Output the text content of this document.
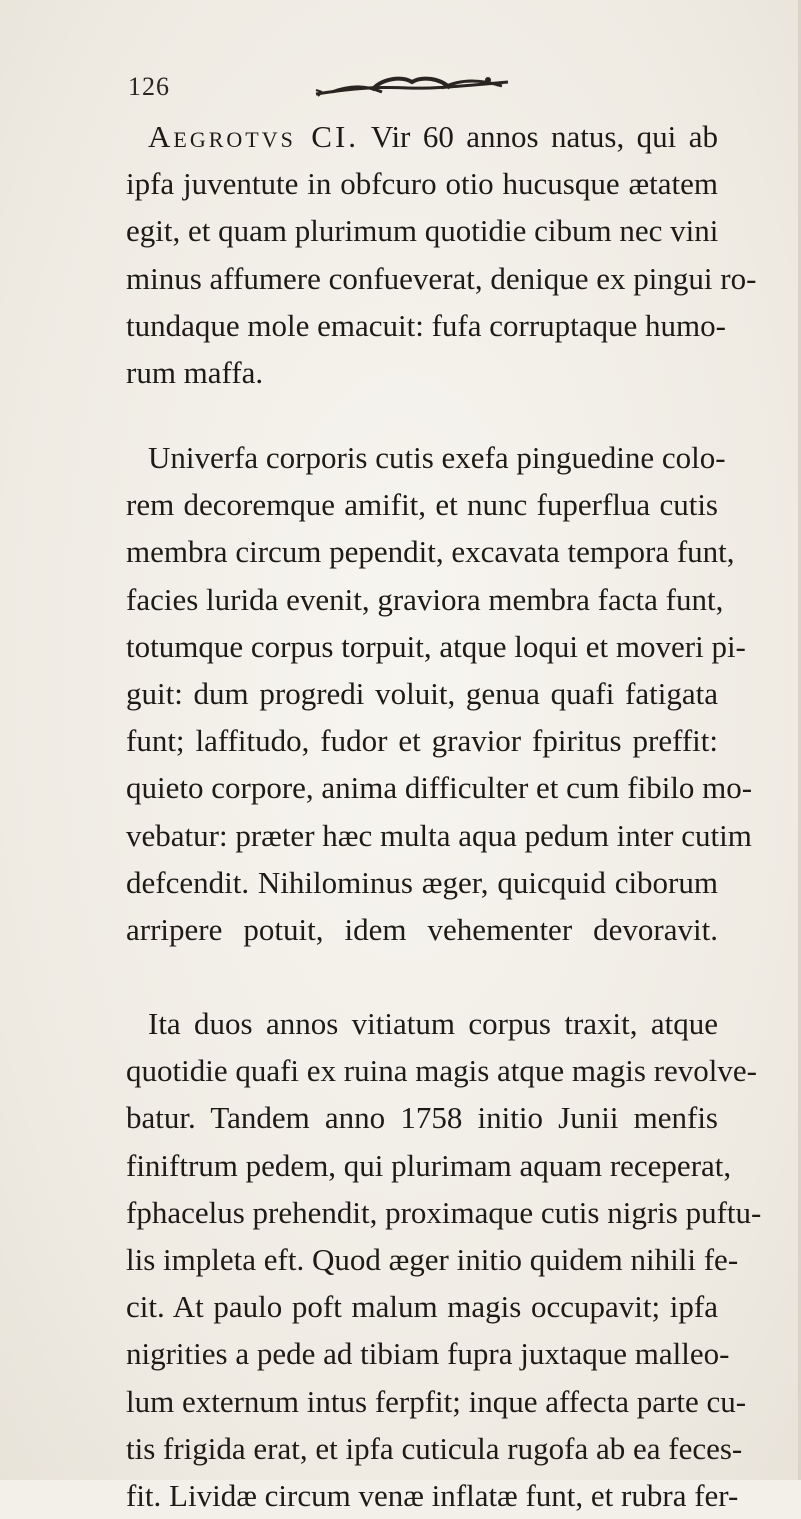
126
Aegrotvs CI. Vir 60 annos natus, qui ab
ipfa juventute in obfcuro otio hucusque ætatem
egit, et quam plurimum quotidie cibum nec vini
minus affumere confueverat, denique ex pingui ro-
tundaque mole emacuit: fufa corruptaque humo-
rum maffa.
Univerfa corporis cutis exefa pinguedine colo-
rem decoremque amifit, et nunc fuperflua cutis
membra circum pependit, excavata tempora funt,
facies lurida evenit, graviora membra facta funt,
totumque corpus torpuit, atque loqui et moveri pi-
guit: dum progredi voluit, genua quafi fatigata
funt; laffitudo, fudor et gravior fpiritus preffit:
quieto corpore, anima difficulter et cum fibilo mo-
vebatur: præter hæc multa aqua pedum inter cutim
defcendit. Nihilominus æger, quicquid ciborum
arripere potuit, idem vehementer devoravit.
Ita duos annos vitiatum corpus traxit, atque
quotidie quafi ex ruina magis atque magis revolve-
batur. Tandem anno 1758 initio Junii menfis
finiftrum pedem, qui plurimam aquam receperat,
fphacelus prehendit, proximaque cutis nigris puftu-
lis impleta eft. Quod æger initio quidem nihili fe-
cit. At paulo poft malum magis occupavit; ipfa
nigrities a pede ad tibiam fupra juxtaque malleo-
lum externum intus ferpfit; inque affecta parte cu-
tis frigida erat, et ipfa cuticula rugofa ab ea feces-
fit. Lividæ circum venæ inflatæ funt, et rubra fer-
